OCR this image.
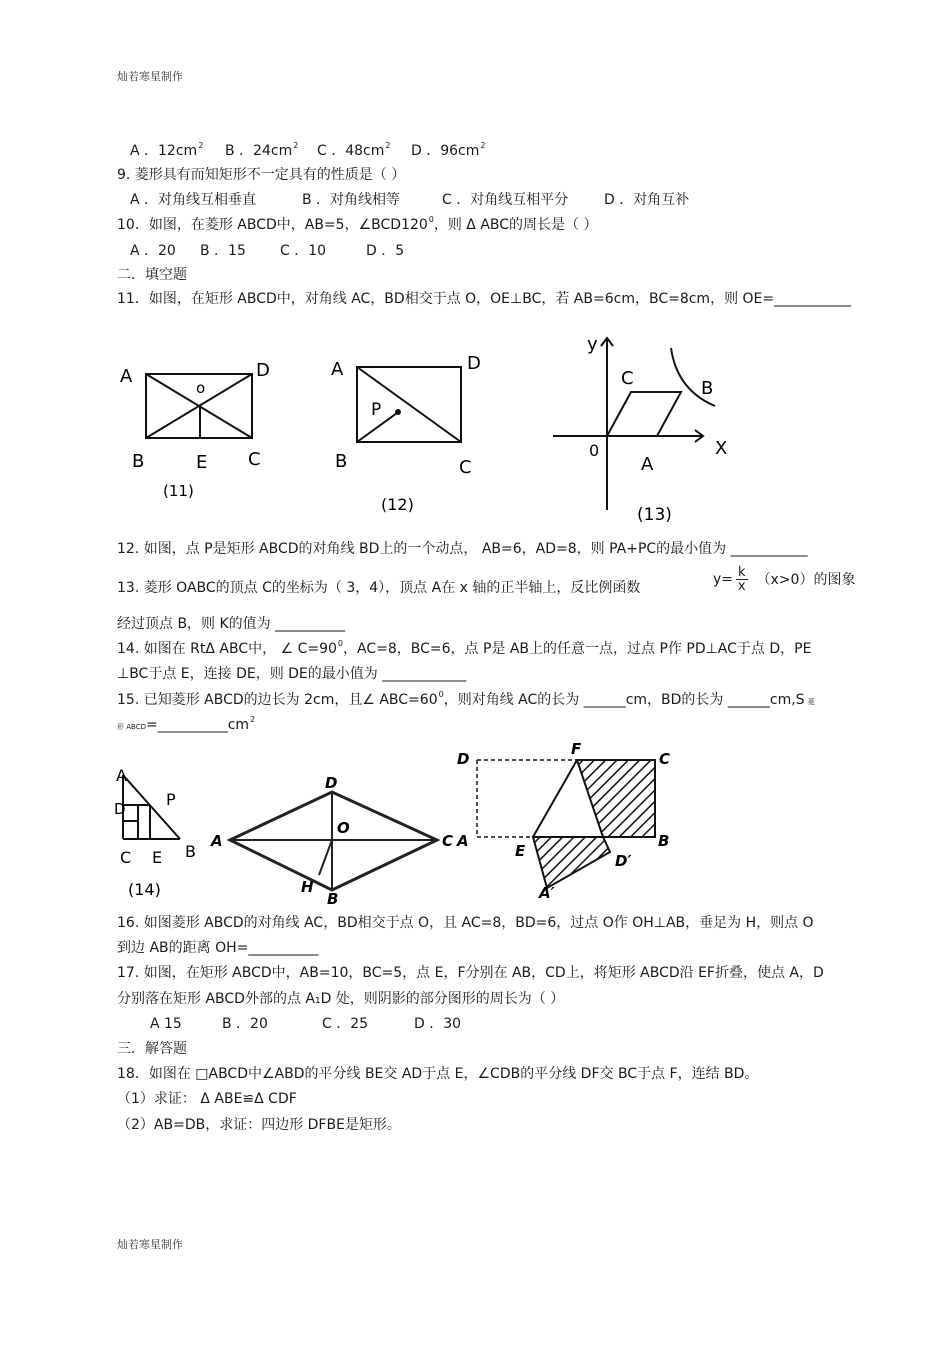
灿若寒星制作
灿若寒星制作
A ．$12cm^2$ B ．$24cm^2$ C ．$48cm^2$ D ．$96cm^2$
9. 菱形具有而知矩形不一定具有的性质是（ ）
A ．对角线互相垂直	B ．对角线相等	C ．对角线互相平分	D ．对角互补
10．如图，在菱形 ABCD中，AB=5，$\angle BCD120^0$，则 Δ ABC的周长是（ ）
A ．20 B ．15 C ．10	D ．5
二．填空题
11．如图，在矩形 ABCD中，对角线 AC，BD相交于点 O，OE⊥BC，若 AB=6cm，BC=8cm，则 OE=___________
A	D
o
B	E C
(11)
A	D
P
B	C
(12)
y
C	B
0	X
A
(13)
12. 如图，点 P是矩形 ABCD的对角线 BD上的一个动点， AB=6，AD=8，则 PA+PC的最小值为 ___________
13. 菱形 OABC的顶点 C的坐标为（ 3，4），顶点 A在 x 轴的正半轴上，反比例函数
$y= \frac{k}{x} (x>0)$的图象
经过顶点 B，则 K的值为 __________
14. 如图在 RtΔ ABC中， ∠ $C=90^0$，AC=8，BC=6，点 P是 AB上的任意一点，过点 P作 PD⊥AC于点 D，PE
⊥BC于点 E，连接 DE，则 DE的最小值为 ____________
15. 已知菱形 ABCD的边长为 2cm，且∠ $ABC=60^0$，则对角线 AC的长为 ______cm，BD的长为 ______cm,S 菱
形 $ABCD=\_\_\_\_\_\_\_\_\_\_cm^2$
A
D	P
C E B
(14)
D
A
O
C
H
B
D
F
C
A	B
E
D′
A′
16. 如图菱形 ABCD的对角线 AC，BD相交于点 O，且 AC=8，BD=6，过点 O作 OH⊥AB，垂足为 H，则点 O
到边 AB的距离 OH=__________
17. 如图，在矩形 ABCD中，AB=10，BC=5，点 E，F分别在 AB，CD上，将矩形 ABCD沿 EF折叠，使点 A，D
分别落在矩形 ABCD外部的点 A₁D 处，则阴影的部分图形的周长为（ ）
A 15	B ．20	C ．25	D ．30
三．解答题
18．如图在 □ABCD中∠ABD的平分线 BE交 AD于点 E，∠CDB的平分线 DF交 BC于点 F，连结 BD。
（1）求证： Δ ABE≌Δ CDF
（2）AB=DB，求证：四边形 DFBE是矩形。
